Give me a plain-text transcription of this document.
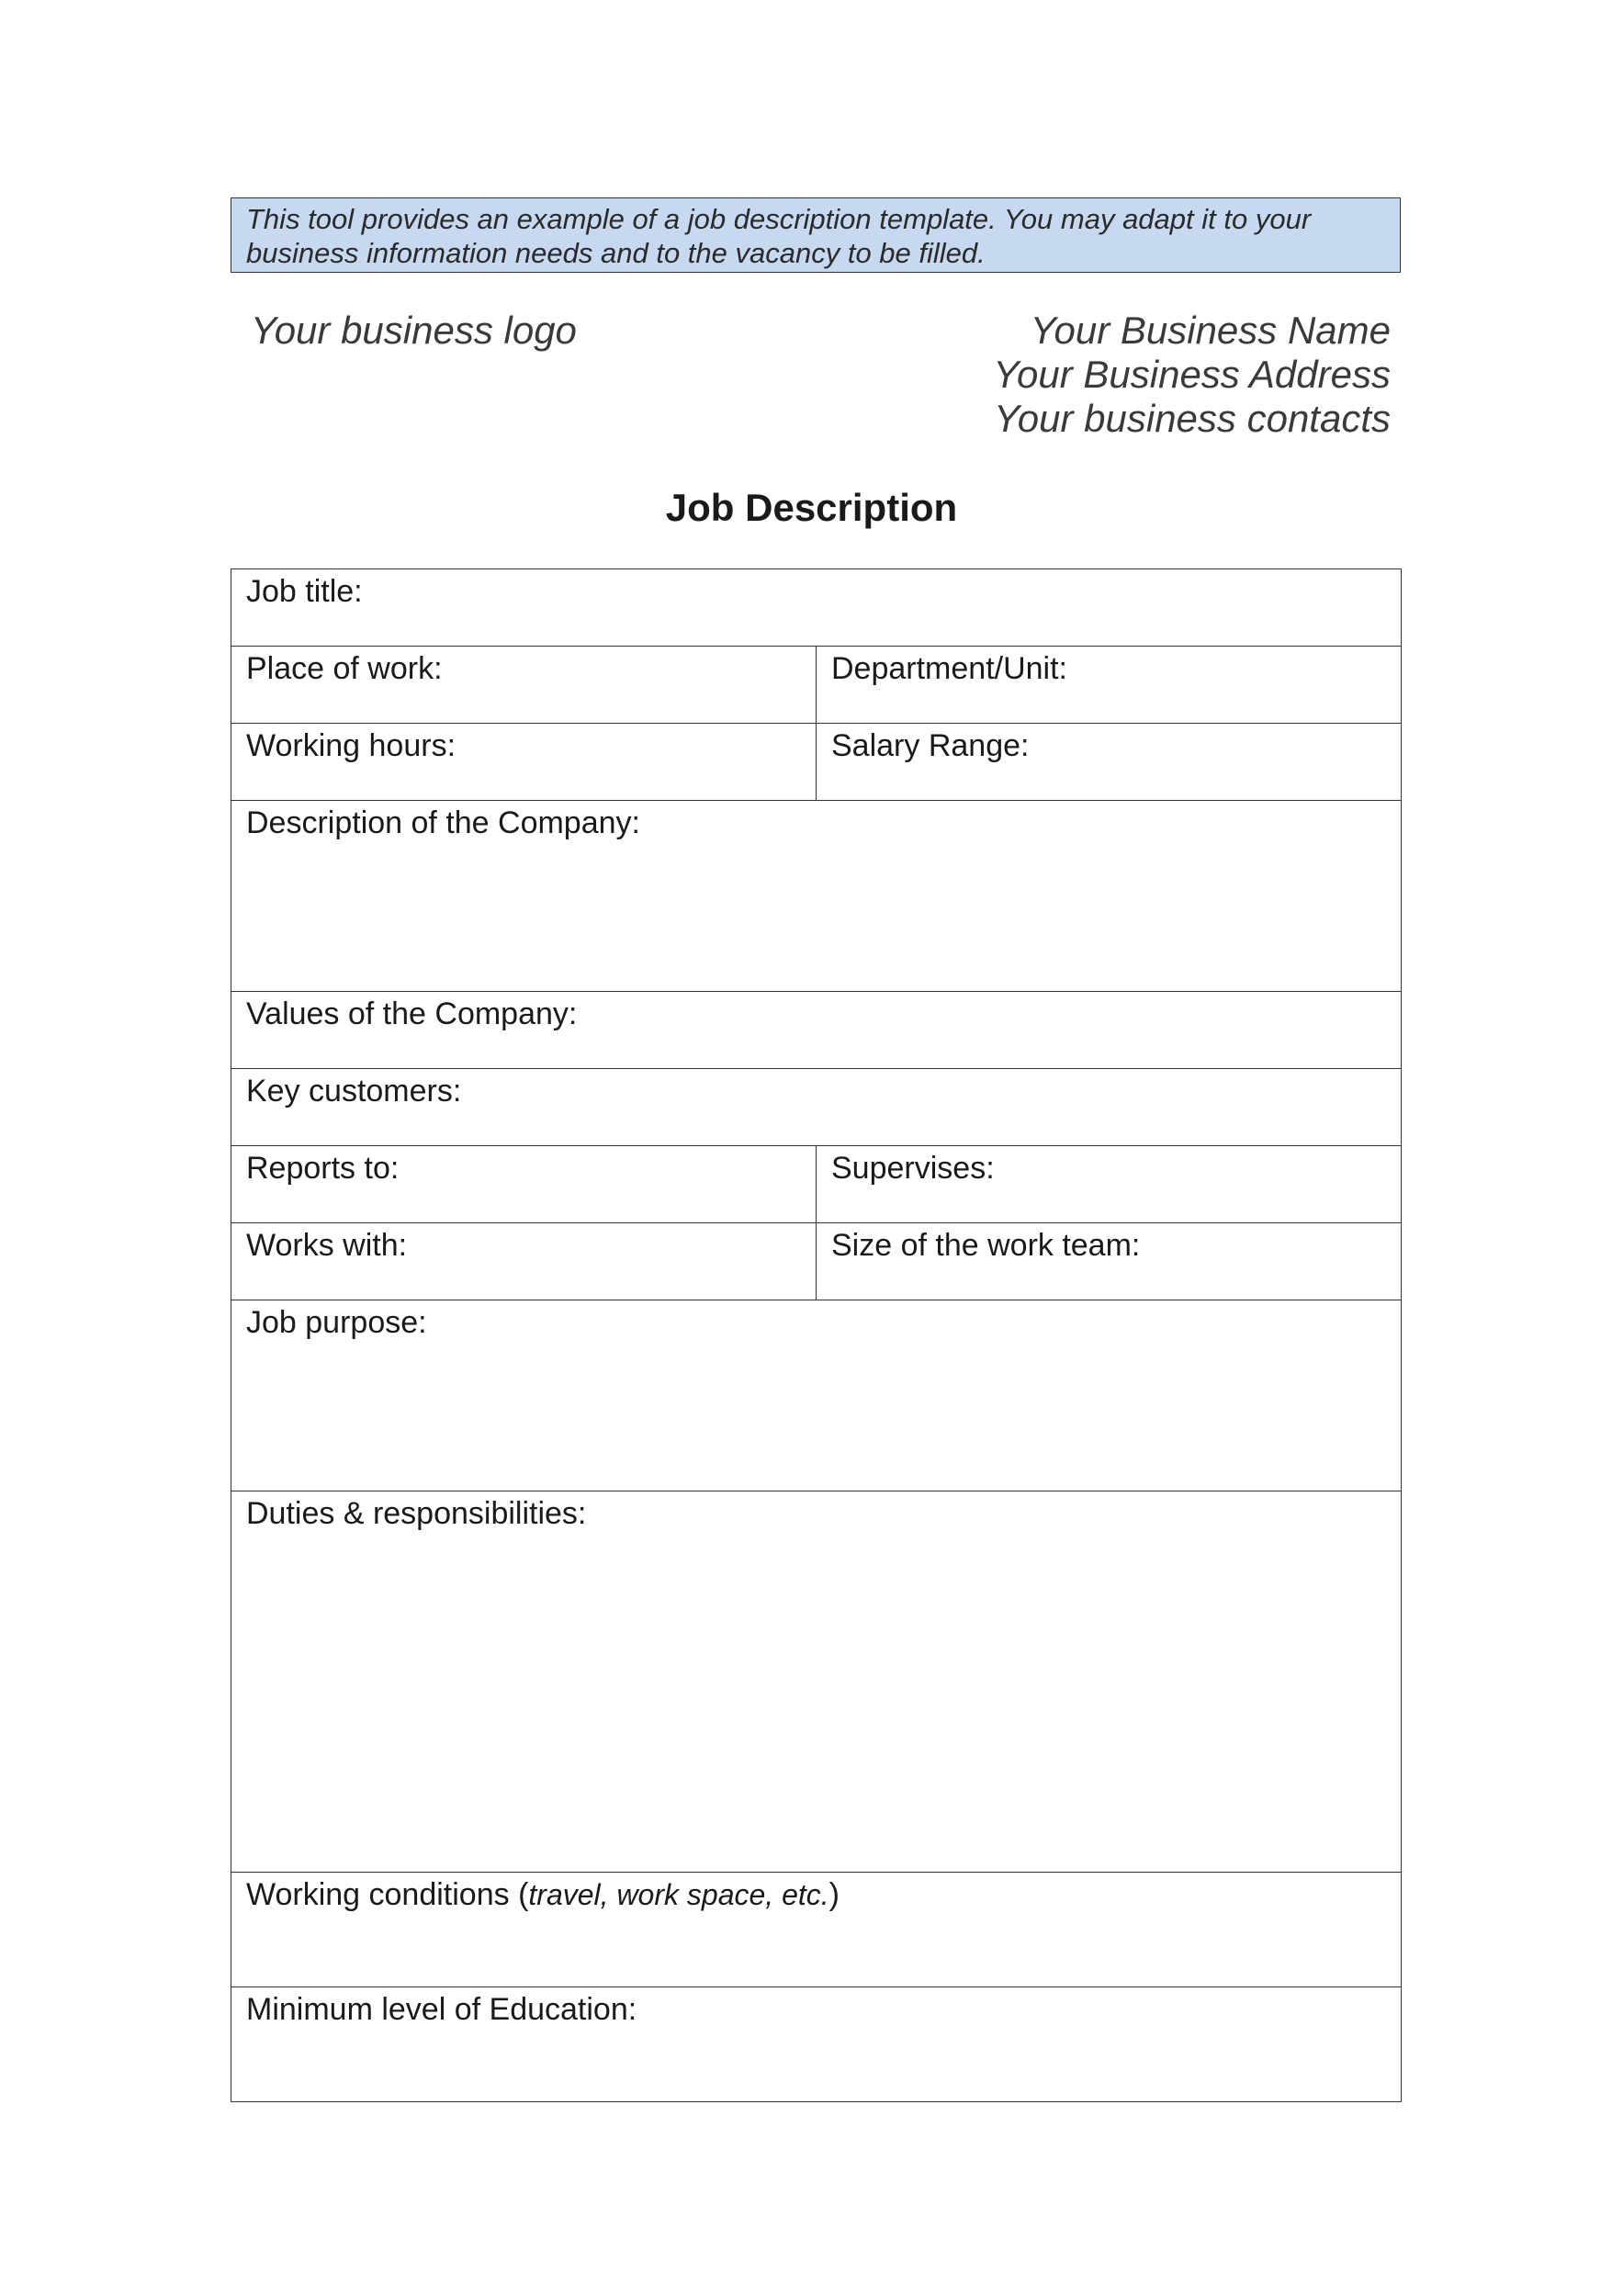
This tool provides an example of a job description template. You may adapt it to your
business information needs and to the vacancy to be filled.
Your business logo	Your Business Name
Your Business Address
Your business contacts
Job Description
Job title:	

Place of work:	Department/Unit:

Working hours:	Salary Range:

Description of the Company:	

Values of the Company:	

Key customers:	

Reports to:	Supervises:

Works with:	Size of the work team:

Job purpose:	

Duties & responsibilities:	

Working conditions (travel, work space, etc.)	

Minimum level of Education:	
